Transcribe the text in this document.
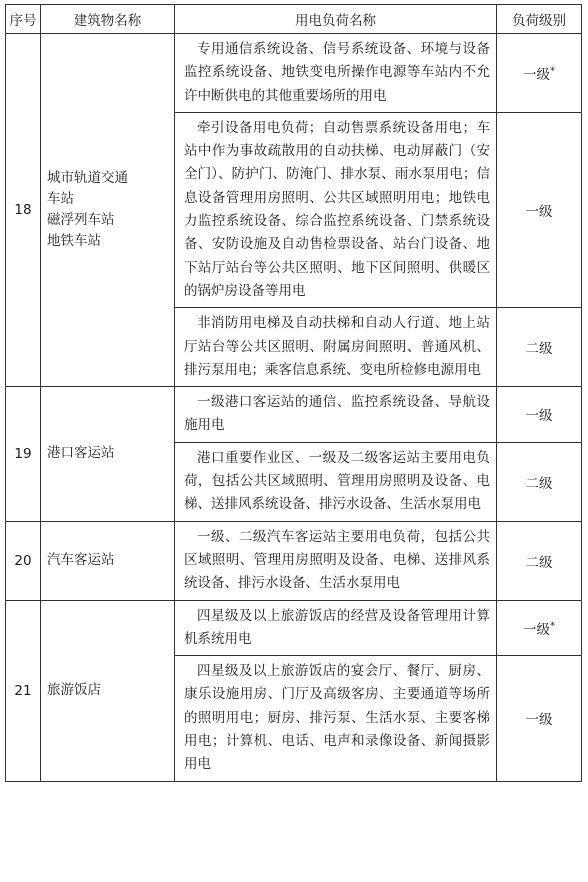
序号	建筑物名称	用电负荷名称	负荷级别
18	城市轨道交通
车站
磁浮列车站
地铁车站	专用通信系统设备、信号系统设备、环境与设备监控系统设备、地铁变电所操作电源等车站内不允许中断供电的其他重要场所的用电	一级*

		牵引设备用电负荷；自动售票系统设备用电；车站中作为事故疏散用的自动扶梯、电动屏蔽门（安全门）、防护门、防淹门、排水泵、雨水泵用电；信息设备管理用房照明、公共区域照明用电；地铁电力监控系统设备、综合监控系统设备、门禁系统设备、安防设施及自动售检票设备、站台门设备、地下站厅站台等公共区照明、地下区间照明、供暖区的锅炉房设备等用电	一级

		非消防用电梯及自动扶梯和自动人行道、地上站厅站台等公共区照明、附属房间照明、普通风机、排污泵用电；乘客信息系统、变电所检修电源用电	二级
19	港口客运站	一级港口客运站的通信、监控系统设备、导航设施用电	一级

		港口重要作业区、一级及二级客运站主要用电负荷，包括公共区域照明、管理用房照明及设备、电梯、送排风系统设备、排污水设备、生活水泵用电	二级
20	汽车客运站	一级、二级汽车客运站主要用电负荷，包括公共区域照明、管理用房照明及设备、电梯、送排风系统设备、排污水设备、生活水泵用电	二级
21	旅游饭店	四星级及以上旅游饭店的经营及设备管理用计算机系统用电	一级*

		四星级及以上旅游饭店的宴会厅、餐厅、厨房、康乐设施用房、门厅及高级客房、主要通道等场所的照明用电；厨房、排污泵、生活水泵、主要客梯用电；计算机、电话、电声和录像设备、新闻摄影用电	一级
